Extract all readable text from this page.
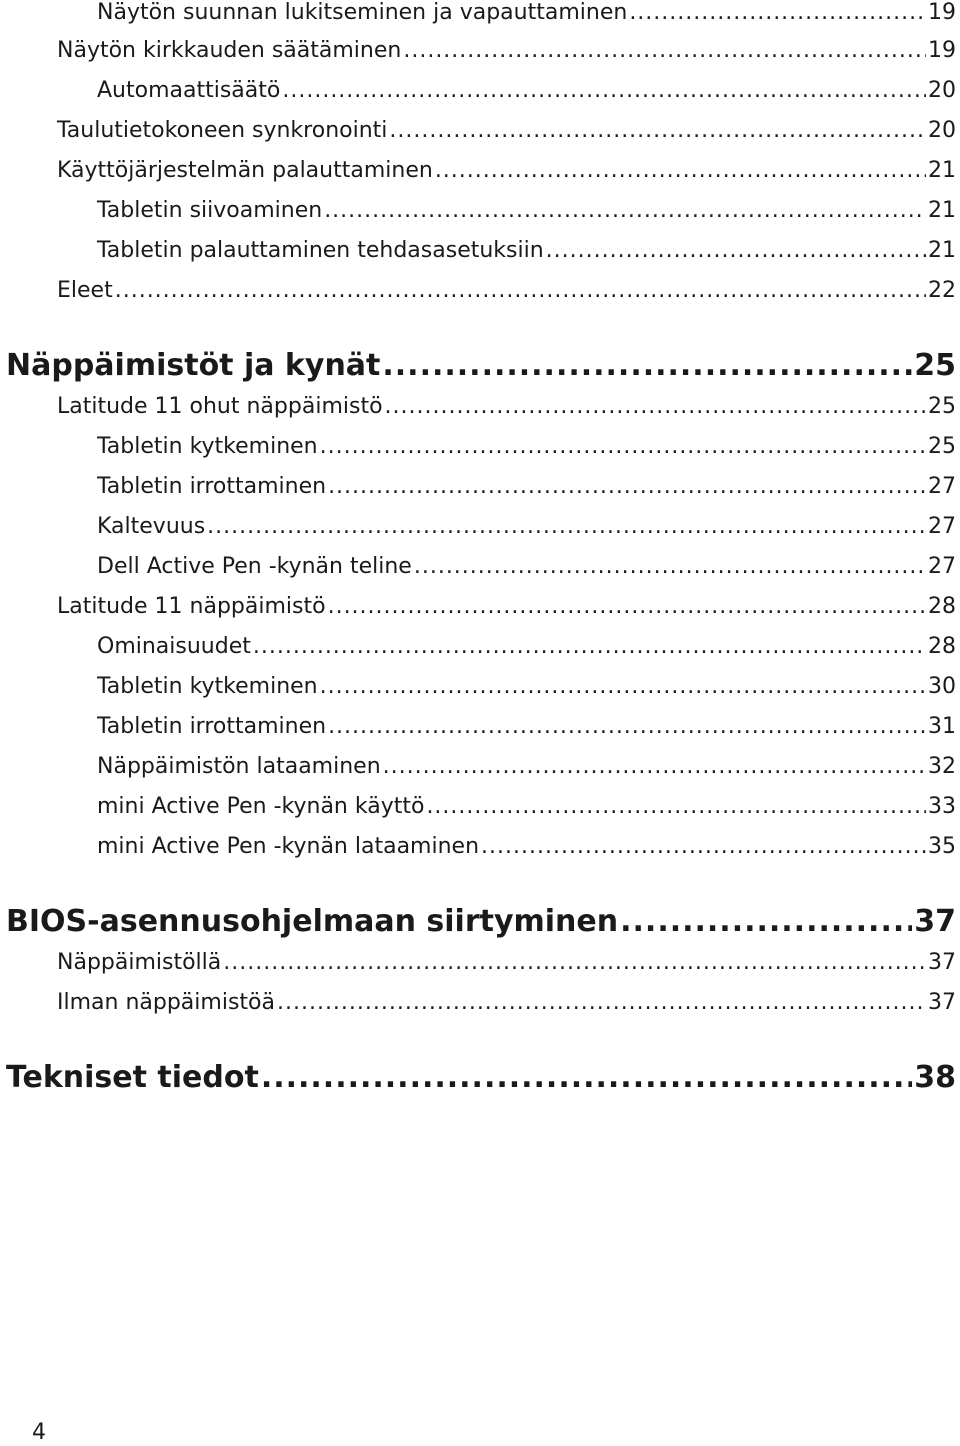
Näytön suunnan lukitseminen ja vapauttaminen .....	19
Näytön kirkkauden säätäminen .....	19
Automaattisäätö .....	20
Taulutietokoneen synkronointi .....	20
Käyttöjärjestelmän palauttaminen .....	21
Tabletin siivoaminen .....	21
Tabletin palauttaminen tehdasasetuksiin .....	21
Eleet .....	22
Näppäimistöt ja kynät .....	25
Latitude 11 ohut näppäimistö .....	25
Tabletin kytkeminen .....	25
Tabletin irrottaminen .....	27
Kaltevuus .....	27
Dell Active Pen -kynän teline .....	27
Latitude 11 näppäimistö .....	28
Ominaisuudet .....	28
Tabletin kytkeminen .....	30
Tabletin irrottaminen .....	31
Näppäimistön lataaminen .....	32
mini Active Pen -kynän käyttö .....	33
mini Active Pen -kynän lataaminen .....	35
BIOS-asennusohjelmaan siirtyminen .....	37
Näppäimistöllä .....	37
Ilman näppäimistöä .....	37
Tekniset tiedot .....	38
4
